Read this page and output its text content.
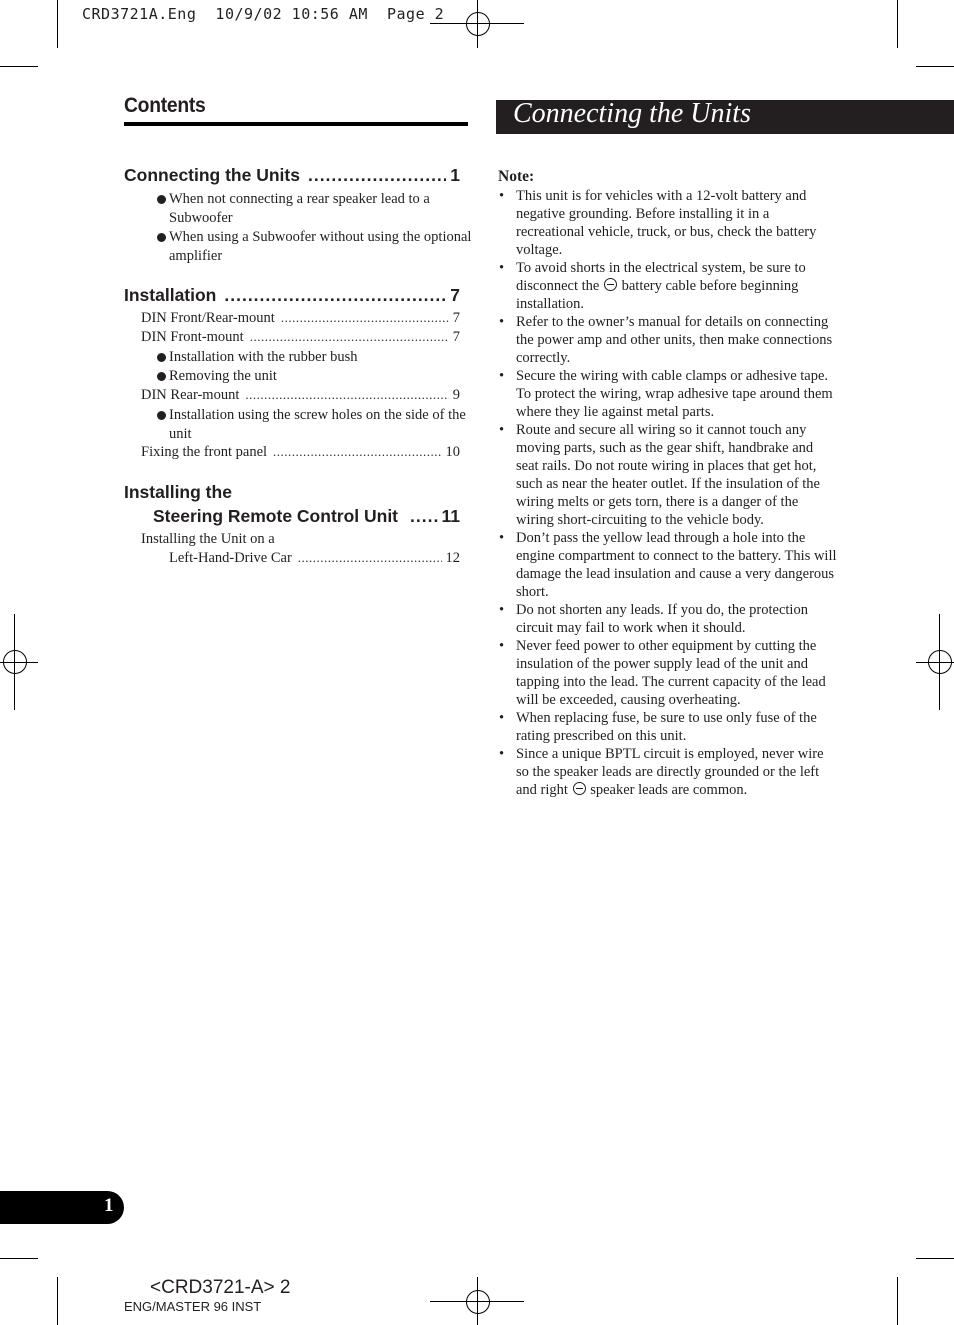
CRD3721A.Eng  10/9/02 10:56 AM  Page 2
Contents
Connecting the Units .....	1
When not connecting a rear speaker lead to a Subwoofer
When using a Subwoofer without using the optional amplifier
Installation .....	7
DIN Front/Rear-mount .....	7
DIN Front-mount .....	7
Installation with the rubber bush
Removing the unit
DIN Rear-mount .....	9
Installation using the screw holes on the side of the unit
Fixing the front panel .....	10
Installing the
Steering Remote Control Unit ..... 11
Installing the Unit on a
Left-Hand-Drive Car .....	12
Connecting the Units
Note:
• This unit is for vehicles with a 12-volt battery and negative grounding. Before installing it in a recreational vehicle, truck, or bus, check the battery voltage.
• To avoid shorts in the electrical system, be sure to disconnect the  battery cable before beginning installation.
• Refer to the owner’s manual for details on connecting the power amp and other units, then make connections correctly.
• Secure the wiring with cable clamps or adhesive tape. To protect the wiring, wrap adhesive tape around them where they lie against metal parts.
• Route and secure all wiring so it cannot touch any moving parts, such as the gear shift, handbrake and seat rails. Do not route wiring in places that get hot, such as near the heater outlet. If the insulation of the wiring melts or gets torn, there is a danger of the wiring short-circuiting to the vehicle body.
• Don’t pass the yellow lead through a hole into the engine compartment to connect to the battery. This will damage the lead insulation and cause a very dangerous short.
• Do not shorten any leads. If you do, the protection circuit may fail to work when it should.
• Never feed power to other equipment by cutting the insulation of the power supply lead of the unit and tapping into the lead. The current capacity of the lead will be exceeded, causing overheating.
• When replacing fuse, be sure to use only fuse of the rating prescribed on this unit.
• Since a unique BPTL circuit is employed, never wire so the speaker leads are directly grounded or the left and right  speaker leads are common.
1
<CRD3721-A> 2
ENG/MASTER 96 INST
